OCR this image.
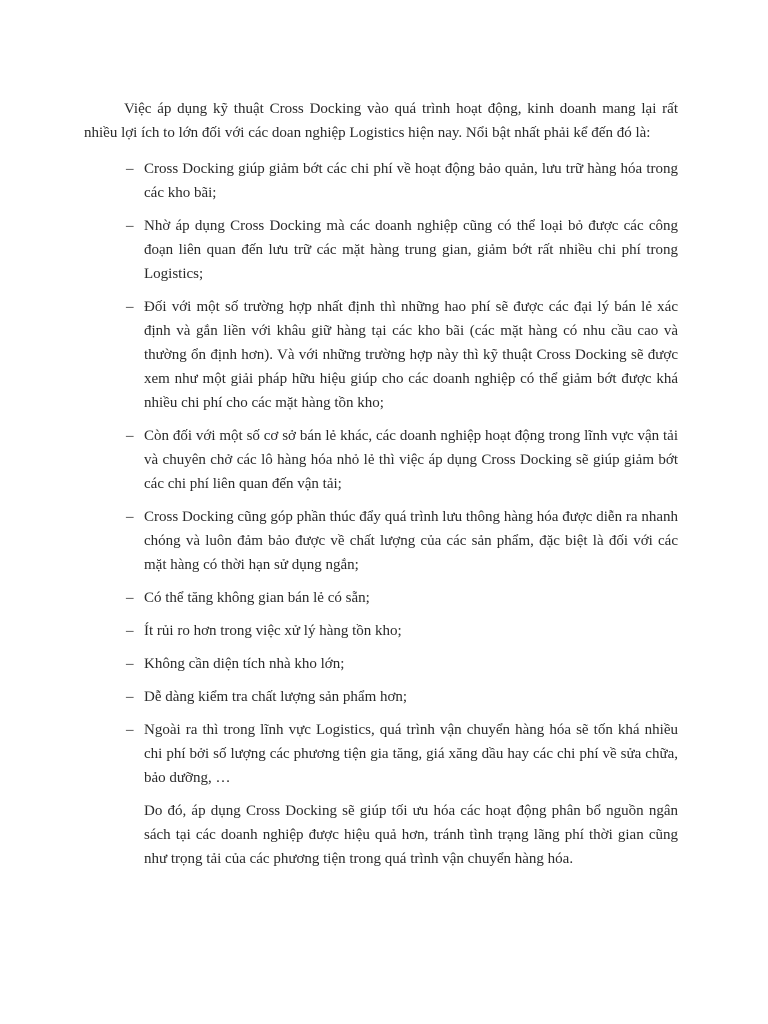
Việc áp dụng kỹ thuật Cross Docking vào quá trình hoạt động, kinh doanh mang lại rất nhiều lợi ích to lớn đối với các doan nghiệp Logistics hiện nay. Nổi bật nhất phải kể đến đó là:

– Cross Docking giúp giảm bớt các chi phí về hoạt động bảo quản, lưu trữ hàng hóa trong các kho bãi;
– Nhờ áp dụng Cross Docking mà các doanh nghiệp cũng có thể loại bỏ được các công đoạn liên quan đến lưu trữ các mặt hàng trung gian, giảm bớt rất nhiều chi phí trong Logistics;
– Đối với một số trường hợp nhất định thì những hao phí sẽ được các đại lý bán lẻ xác định và gắn liền với khâu giữ hàng tại các kho bãi (các mặt hàng có nhu cầu cao và thường ổn định hơn). Và với những trường hợp này thì kỹ thuật Cross Docking sẽ được xem như một giải pháp hữu hiệu giúp cho các doanh nghiệp có thể giảm bớt được khá nhiều chi phí cho các mặt hàng tồn kho;
– Còn đối với một số cơ sở bán lẻ khác, các doanh nghiệp hoạt động trong lĩnh vực vận tải và chuyên chở các lô hàng hóa nhỏ lẻ thì việc áp dụng Cross Docking sẽ giúp giảm bớt các chi phí liên quan đến vận tải;
– Cross Docking cũng góp phần thúc đẩy quá trình lưu thông hàng hóa được diễn ra nhanh chóng và luôn đảm bảo được về chất lượng của các sản phẩm, đặc biệt là đối với các mặt hàng có thời hạn sử dụng ngắn;
– Có thể tăng không gian bán lẻ có sẵn;
– Ít rủi ro hơn trong việc xử lý hàng tồn kho;
– Không cần diện tích nhà kho lớn;
– Dễ dàng kiểm tra chất lượng sản phẩm hơn;
– Ngoài ra thì trong lĩnh vực Logistics, quá trình vận chuyển hàng hóa sẽ tốn khá nhiều chi phí bởi số lượng các phương tiện gia tăng, giá xăng dầu hay các chi phí về sửa chữa, bảo dưỡng, …

Do đó, áp dụng Cross Docking sẽ giúp tối ưu hóa các hoạt động phân bổ nguồn ngân sách tại các doanh nghiệp được hiệu quả hơn, tránh tình trạng lãng phí thời gian cũng như trọng tải của các phương tiện trong quá trình vận chuyển hàng hóa.
